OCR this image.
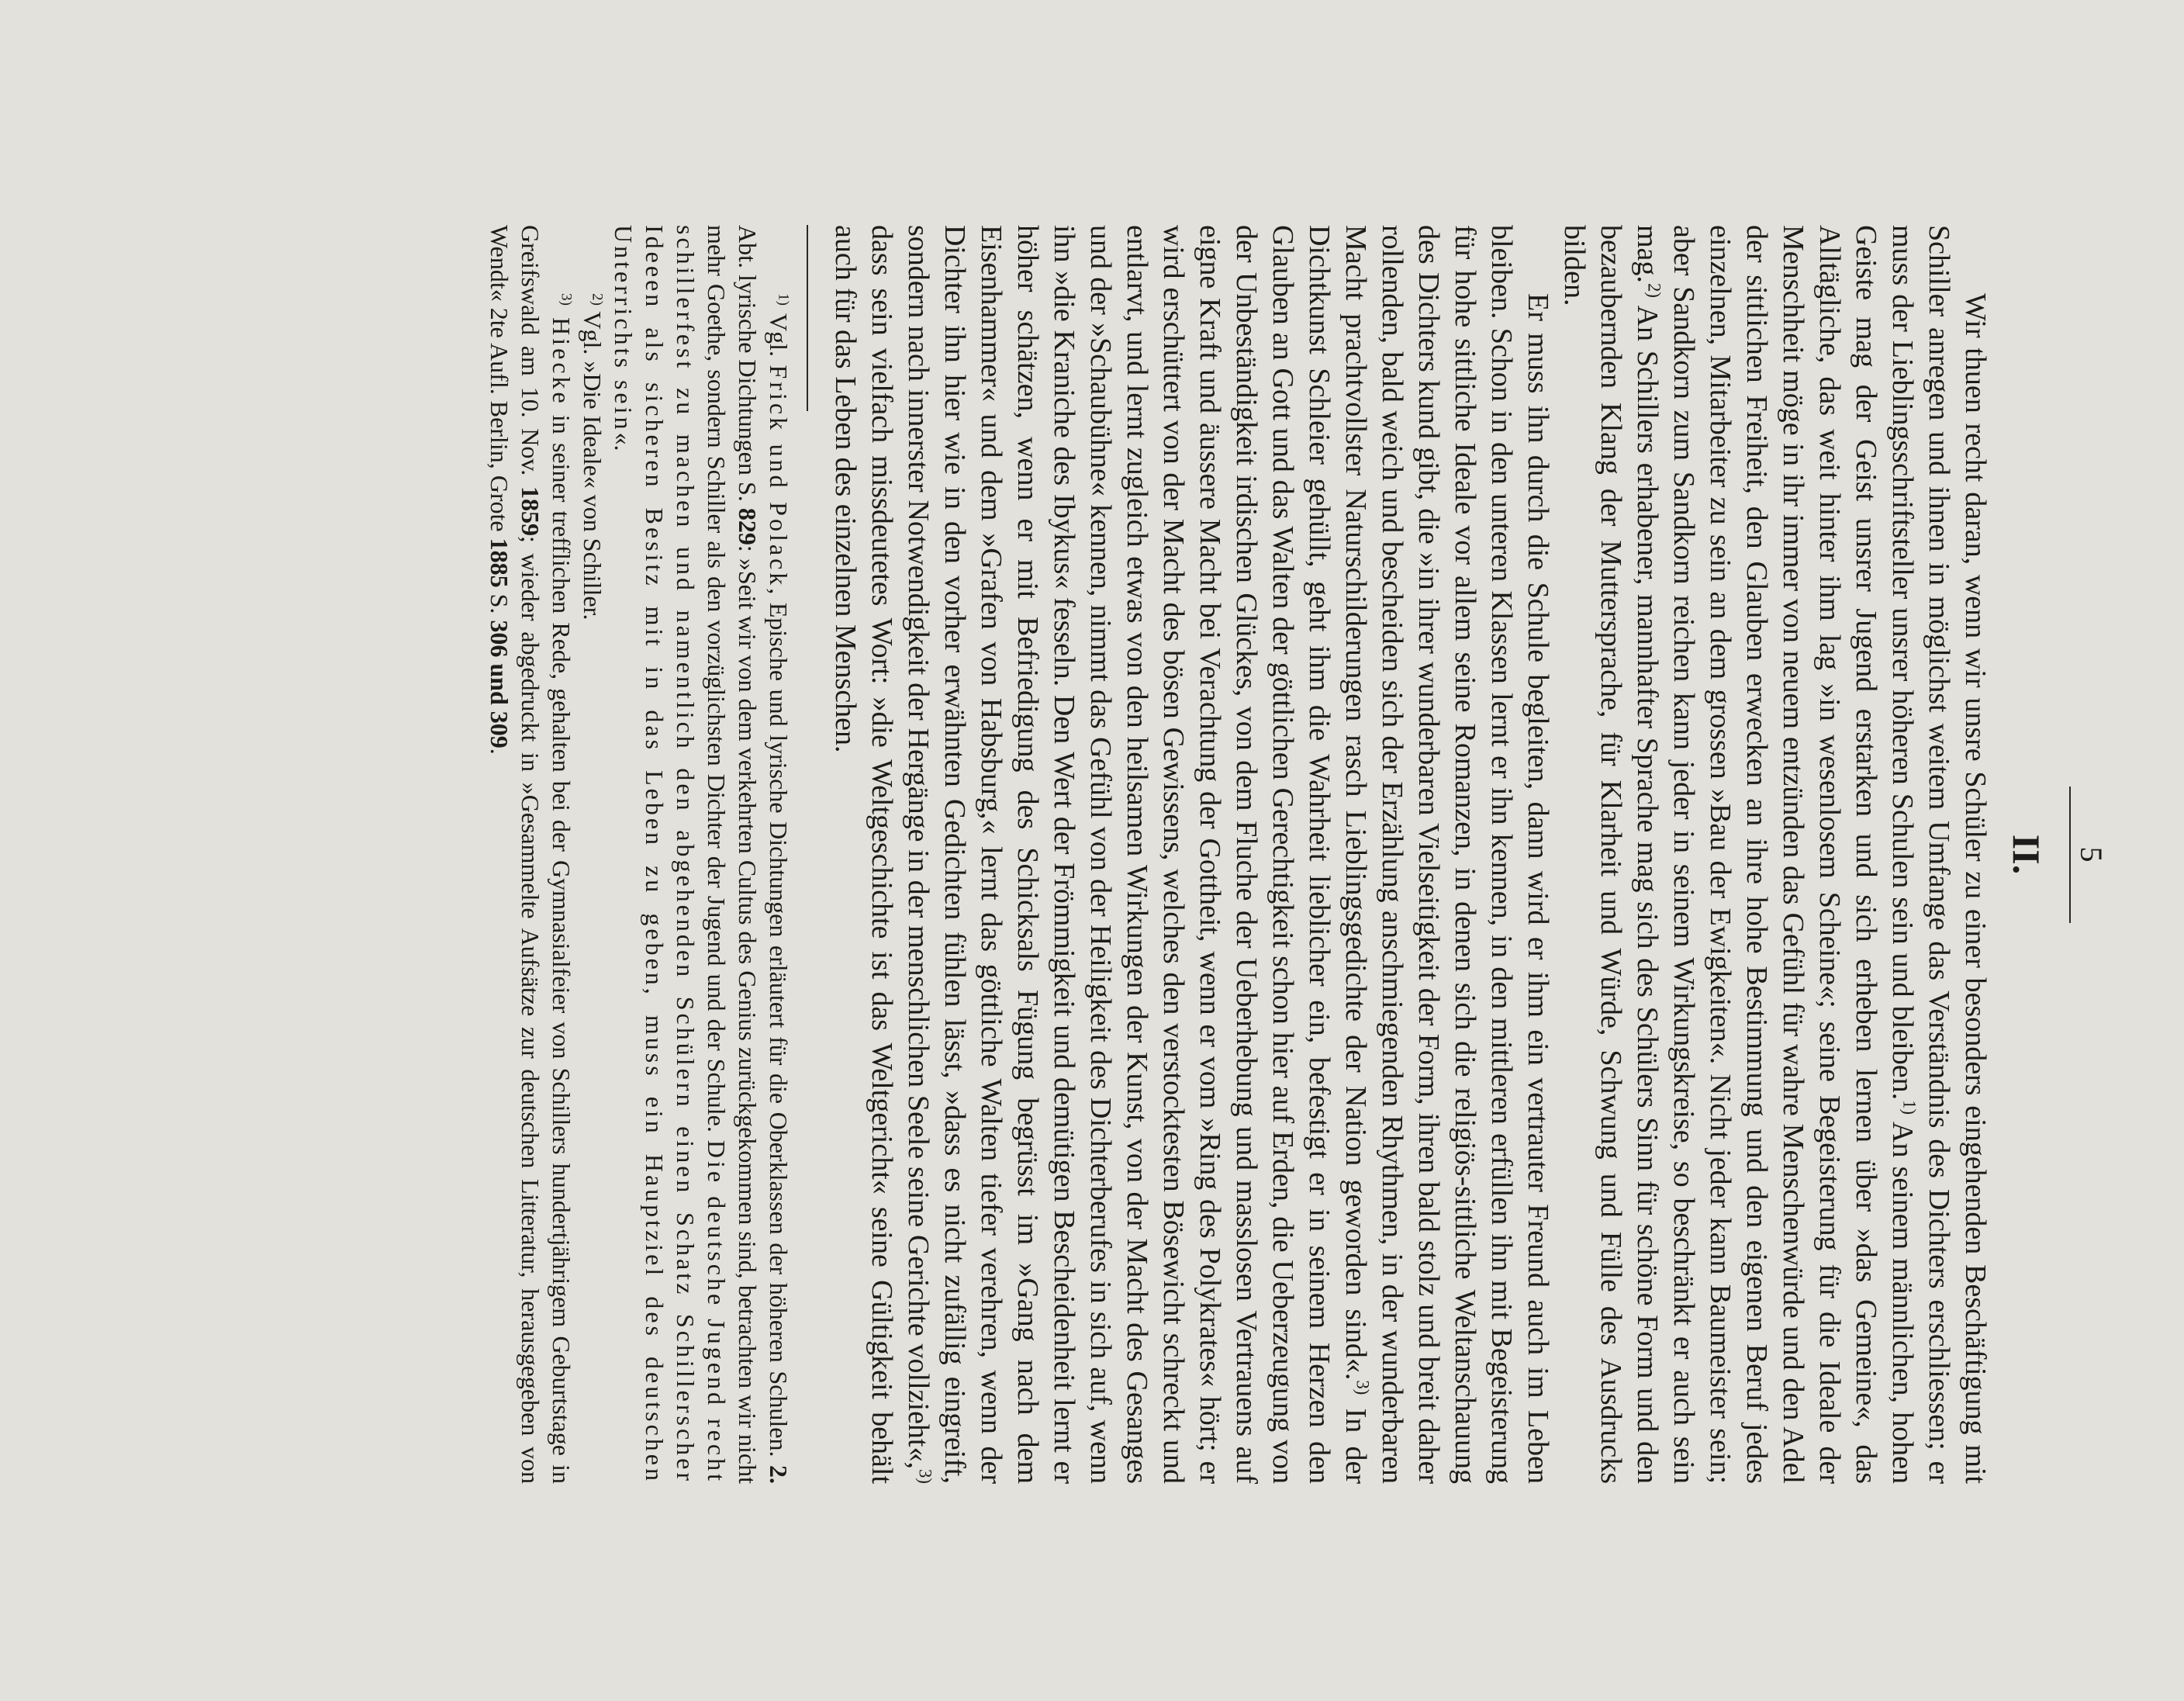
5
II.

Wir thuen recht daran, wenn wir unsre Schüler zu einer besonders eingehenden Beschäftigung mit Schiller anregen und ihnen in möglichst weitem Umfange das Verständnis des Dichters erschliessen; er muss der Lieblingsschriftsteller unsrer höheren Schulen sein und bleiben.$^{1)}$ An seinem männlichen, hohen Geiste mag der Geist unsrer Jugend erstarken und sich erheben lernen über »das Gemeine«, das Alltägliche, das weit hinter ihm lag »in wesenlosem Scheine«; seine Begeisterung für die Ideale der Menschheit möge in ihr immer von neuem entzünden das Gefühl für wahre Menschenwürde und den Adel der sittlichen Freiheit, den Glauben erwecken an ihre hohe Bestimmung und den eigenen Beruf jedes einzelnen, Mitarbeiter zu sein an dem grossen »Bau der Ewigkeiten«. Nicht jeder kann Baumeister sein; aber Sandkorn zum Sandkorn reichen kann jeder in seinem Wirkungskreise, so beschränkt er auch sein mag.$^{2)}$ An Schillers erhabener, mannhafter Sprache mag sich des Schülers Sinn für schöne Form und den bezaubernden Klang der Muttersprache, für Klarheit und Würde, Schwung und Fülle des Ausdrucks bilden.

Er muss ihn durch die Schule begleiten, dann wird er ihm ein vertrauter Freund auch im Leben bleiben. Schon in den unteren Klassen lernt er ihn kennen, in den mittleren erfüllen ihn mit Begeisterung für hohe sittliche Ideale vor allem seine Romanzen, in denen sich die religiös-sittliche Weltanschauung des Dichters kund gibt, die »in ihrer wunderbaren Vielseitigkeit der Form, ihren bald stolz und breit daher rollenden, bald weich und bescheiden sich der Erzählung anschmiegenden Rhythmen, in der wunderbaren Macht prachtvollster Naturschilderungen rasch Lieblingsgedichte der Nation geworden sind«.$^{3)}$ In der Dichtkunst Schleier gehüllt, geht ihm die Wahrheit lieblicher ein, befestigt er in seinem Herzen den Glauben an Gott und das Walten der göttlichen Gerechtigkeit schon hier auf Erden, die Ueberzeugung von der Unbeständigkeit irdischen Glückes, von dem Fluche der Ueberhebung und masslosen Vertrauens auf eigne Kraft und äussere Macht bei Verachtung der Gottheit, wenn er vom »Ring des Polykrates« hört; er wird erschüttert von der Macht des bösen Gewissens, welches den verstocktesten Bösewicht schreckt und entlarvt, und lernt zugleich etwas von den heilsamen Wirkungen der Kunst, von der Macht des Gesanges und der »Schaubühne« kennen, nimmt das Gefühl von der Heiligkeit des Dichterberufes in sich auf, wenn ihn »die Kraniche des Ibykus« fesseln. Den Wert der Frömmigkeit und demütigen Bescheidenheit lernt er höher schätzen, wenn er mit Befriedigung des Schicksals Fügung begrüsst im »Gang nach dem Eisenhammer« und dem »Grafen von Habsburg,« lernt das göttliche Walten tiefer verehren, wenn der Dichter ihn hier wie in den vorher erwähnten Gedichten fühlen lässt, »dass es nicht zufällig eingreift, sondern nach innerster Notwendigkeit der Hergänge in der menschlichen Seele seine Gerichte vollzieht«,$^{3)}$ dass sein vielfach missdeutetes Wort: »die Weltgeschichte ist das Weltgericht« seine Gültigkeit behält auch für das Leben des einzelnen Menschen.

$^{1)}$ Vgl. Frick und Polack, Epische und lyrische Dichtungen erläutert für die Oberklassen der höheren Schulen. 2. Abt. lyrische Dichtungen S. 829: »Seit wir von dem verkehrten Cultus des Genius zurückgekommen sind, betrachten wir nicht mehr Goethe, sondern Schiller als den vorzüglichsten Dichter der Jugend und der Schule. Die deutsche Jugend recht schillerfest zu machen und namentlich den abgehenden Schülern einen Schatz Schillerscher Ideeen als sicheren Besitz mit in das Leben zu geben, muss ein Hauptziel des deutschen Unterrichts sein«.

$^{2)}$ Vgl. »Die Ideale« von Schiller.

$^{3)}$ Hiecke in seiner trefflichen Rede, gehalten bei der Gymnasialfeier von Schillers hundertjährigem Geburtstage in Greifswald am 10. Nov. 1859; wieder abgedruckt in »Gesammelte Aufsätze zur deutschen Litteratur, herausgegeben von Wendt« 2te Aufl. Berlin, Grote 1885 S. 306 und 309.
